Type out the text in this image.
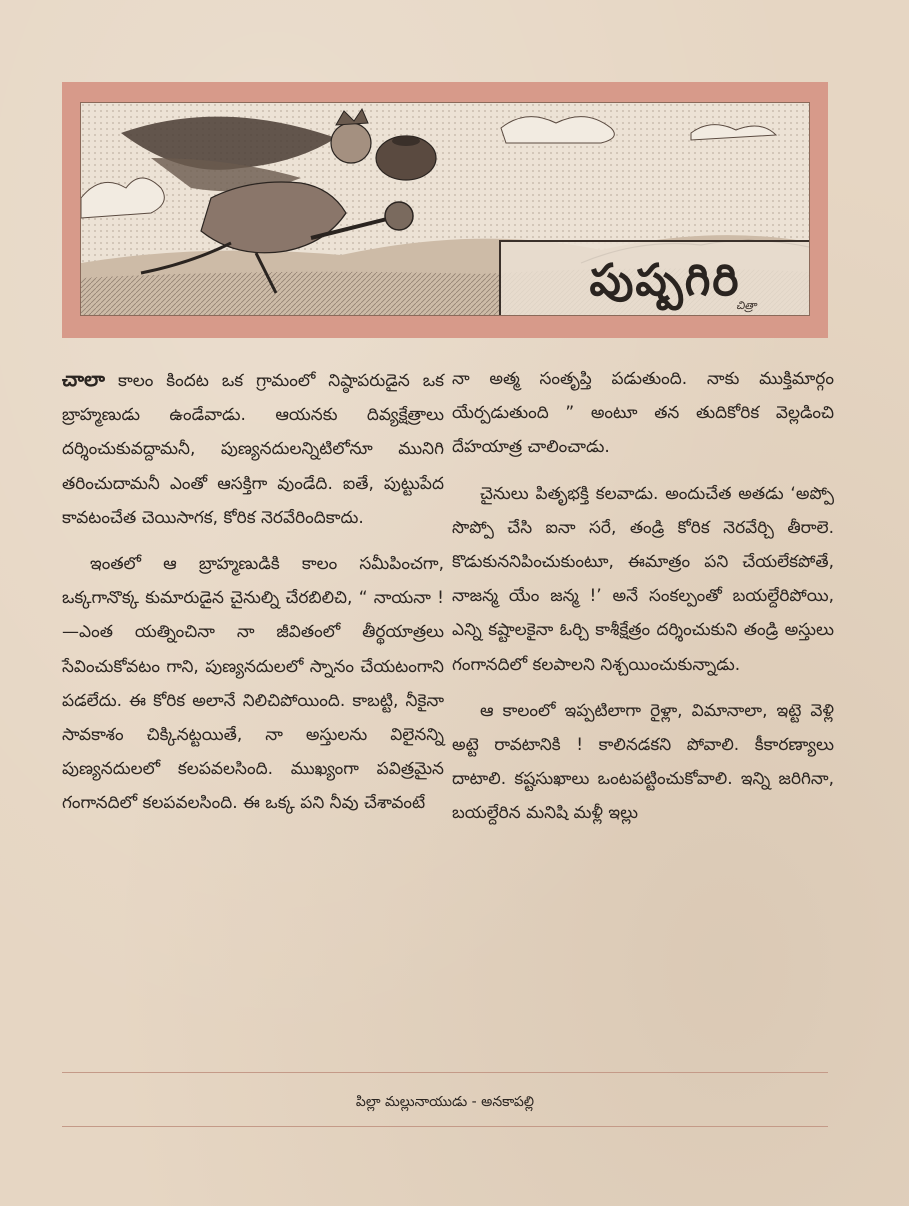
పుష్పగిరి
చిత్రా

చాలా కాలం కిందట ఒక గ్రామంలో నిష్ఠాపరుడైన ఒక బ్రాహ్మణుడు ఉండేవాడు. ఆయనకు దివ్యక్షేత్రాలు దర్శించుకువద్దామనీ, పుణ్యనదులన్నిటిలోనూ మునిగి తరించుదామనీ ఎంతో ఆసక్తిగా వుండేది. ఐతే, పుట్టుపేద కావటంచేత చెయిసాగక, కోరిక నెరవేరిందికాదు.

ఇంతలో ఆ బ్రాహ్మణుడికి కాలం సమీపించగా, ఒక్కగానొక్క కుమారుడైన చైనుల్ని చేరబిలిచి, “ నాయనా !—ఎంత యత్నించినా నా జీవితంలో తీర్థయాత్రలు సేవించుకోవటం గాని, పుణ్యనదులలో స్నానం చేయటంగాని పడలేదు. ఈ కోరిక అలానే నిలిచిపోయింది. కాబట్టి, నీకైనా సావకాశం చిక్కినట్టయితే, నా అస్తులను విలైనన్ని పుణ్యనదులలో కలపవలసింది. ముఖ్యంగా పవిత్రమైన గంగానదిలో కలపవలసింది. ఈ ఒక్క పని నీవు చేశావంటే

నా అత్మ సంతృప్తి పడుతుంది. నాకు ముక్తిమార్గం యేర్పడుతుంది ” అంటూ తన తుదికోరిక వెల్లడించి దేహయాత్ర చాలించాడు.

చైనులు పితృభక్తి కలవాడు. అందుచేత అతడు ‘అప్పో సొప్పో చేసి ఐనా సరే, తండ్రి కోరిక నెరవేర్చి తీరాలె. కొడుకుననిపించుకుంటూ, ఈమాత్రం పని చేయలేకపోతే, నాజన్మ యేం జన్మ !’ అనే సంకల్పంతో బయల్దేరిపోయి, ఎన్ని కష్టాలకైనా ఓర్చి కాశీక్షేత్రం దర్శించుకుని తండ్రి అస్తులు గంగానదిలో కలపాలని నిశ్చయించుకున్నాడు.

ఆ కాలంలో ఇప్పటిలాగా రైళ్లా, విమానాలా, ఇట్టె వెళ్లి అట్టె రావటానికి ! కాలినడకని పోవాలి. కీకారణ్యాలు దాటాలి. కష్టసుఖాలు ఒంటపట్టించుకోవాలి. ఇన్ని జరిగినా, బయల్దేరిన మనిషి మళ్లీ ఇల్లు

పిల్లా మల్లునాయుడు - అనకాపల్లి
